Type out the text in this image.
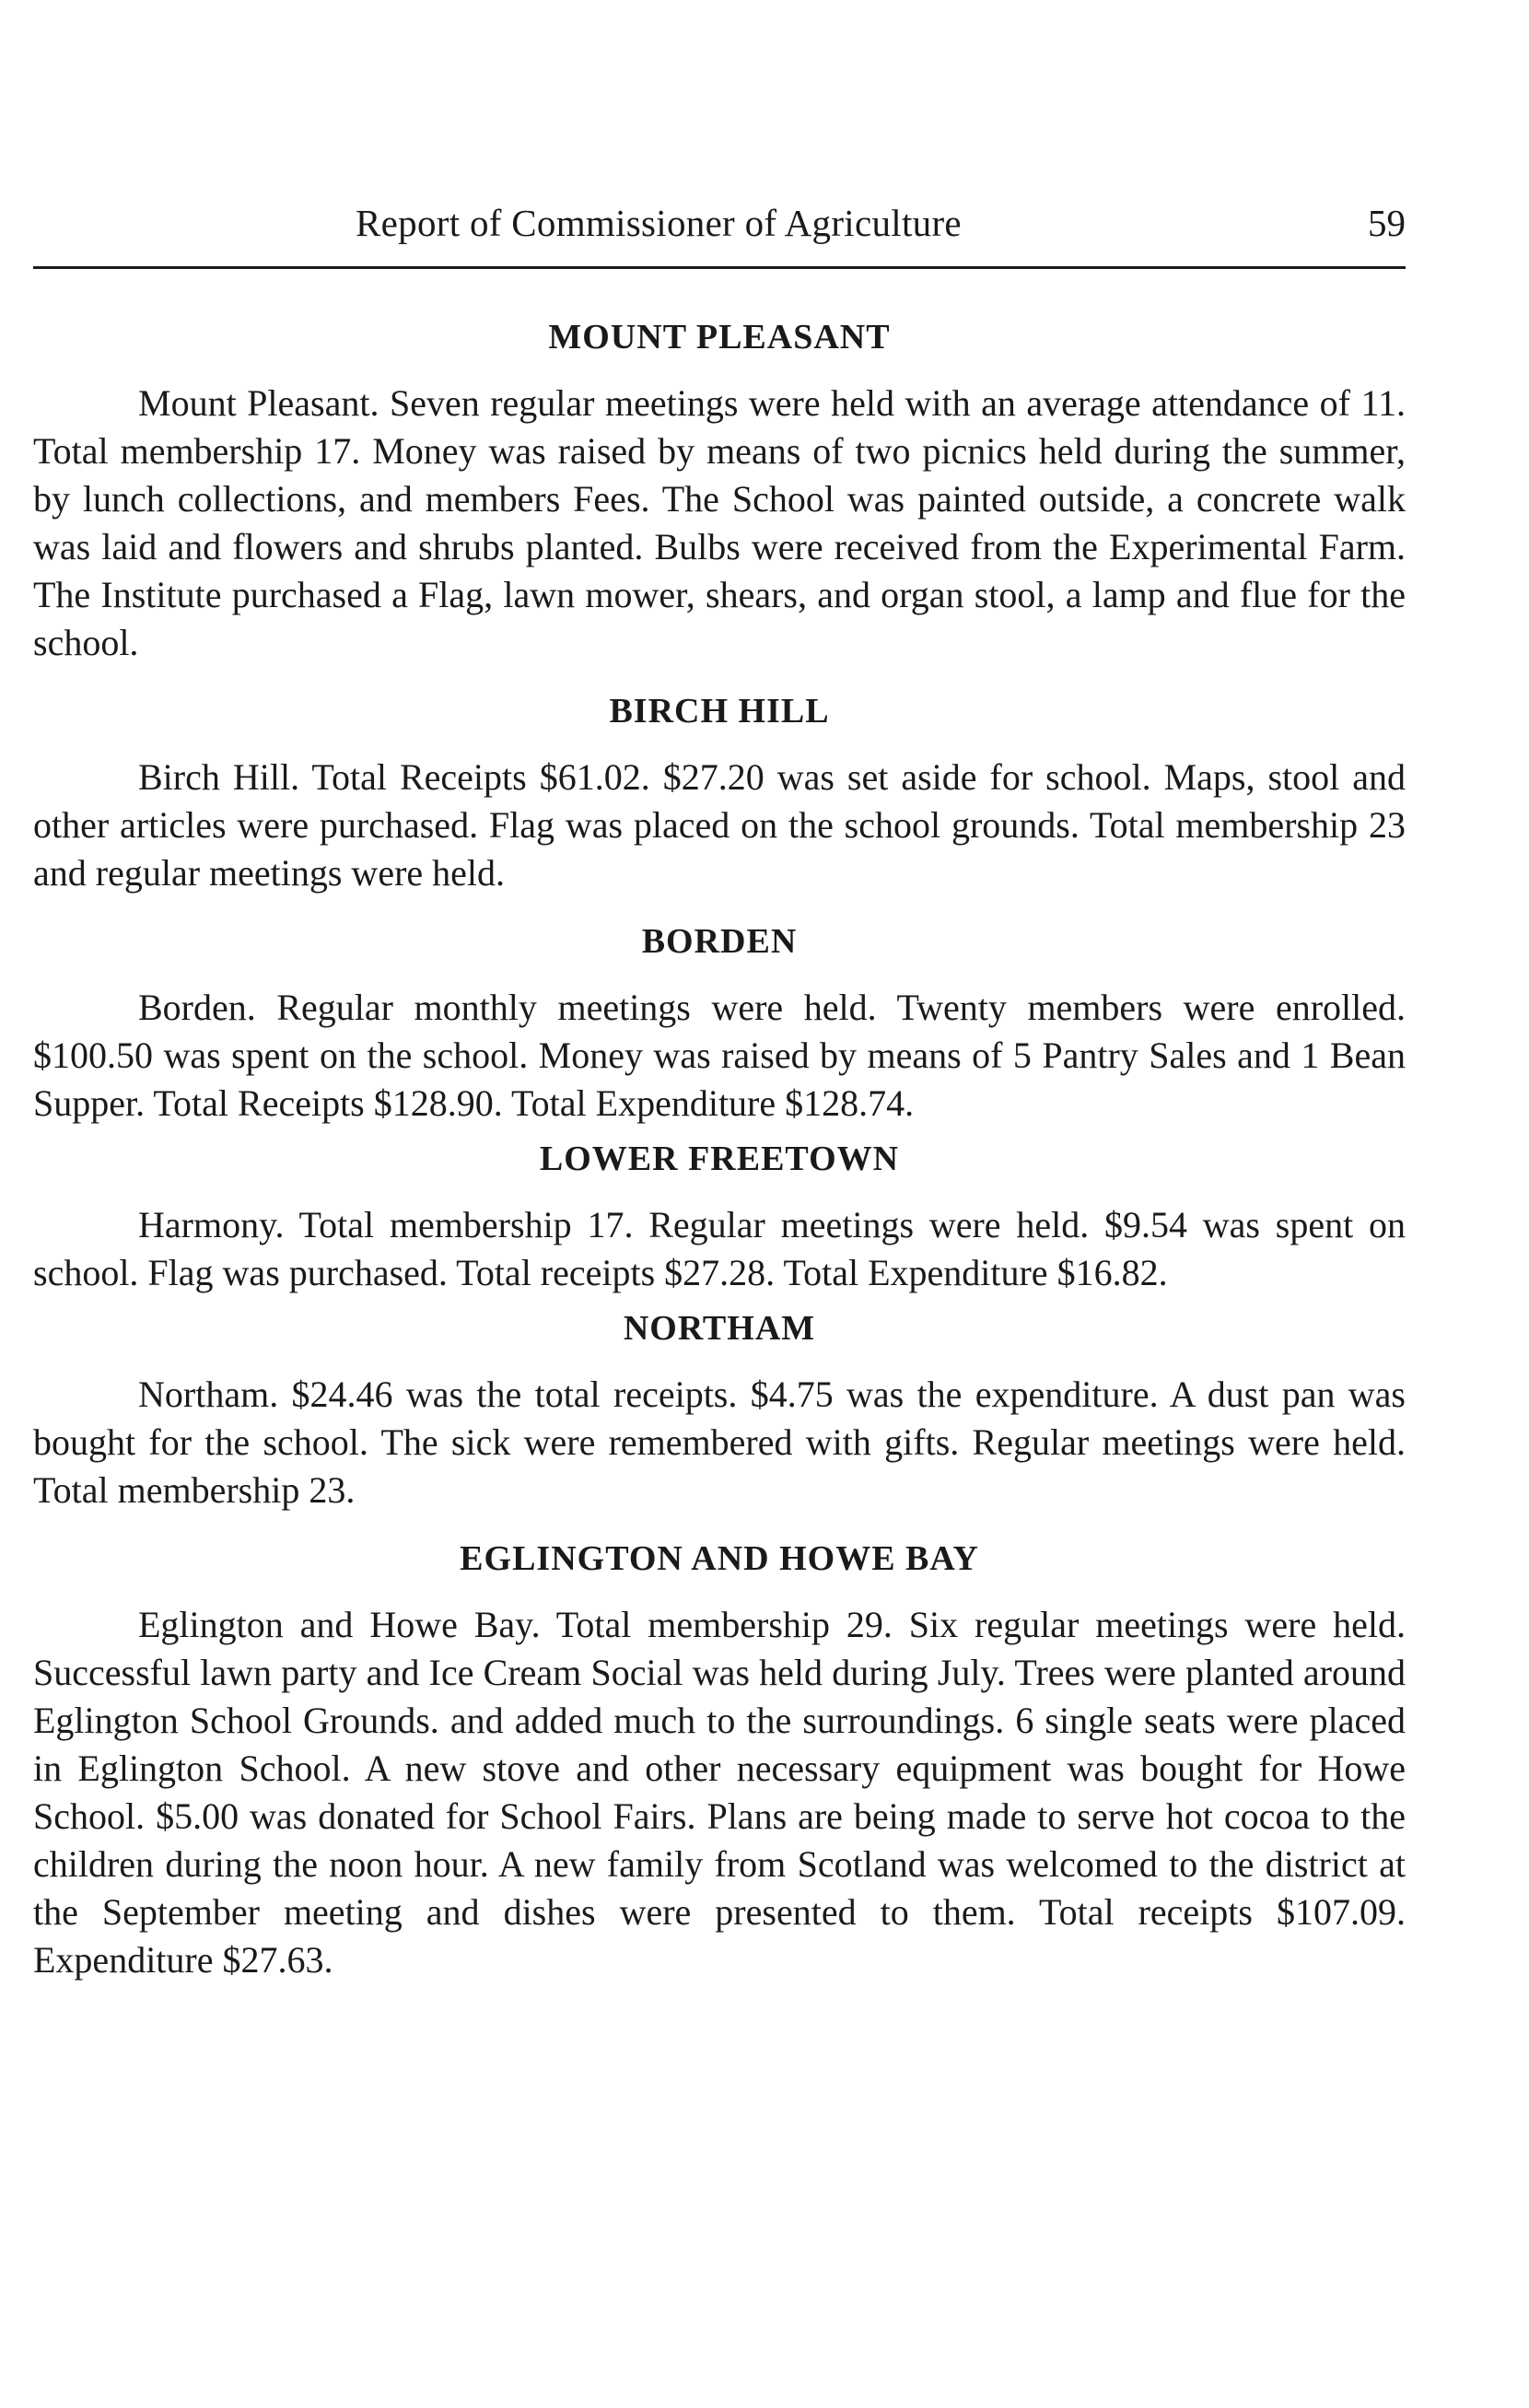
Report of Commissioner of Agriculture	59
MOUNT PLEASANT

Mount Pleasant. Seven regular meetings were held with an average attendance of 11. Total membership 17. Money was raised by means of two picnics held during the summer, by lunch collections, and members Fees. The School was painted outside, a concrete walk was laid and flowers and shrubs planted. Bulbs were received from the Experimental Farm. The Institute purchased a Flag, lawn mower, shears, and organ stool, a lamp and flue for the school.

BIRCH HILL

Birch Hill. Total Receipts $61.02. $27.20 was set aside for school. Maps, stool and other articles were purchased. Flag was placed on the school grounds. Total membership 23 and regular meetings were held.

BORDEN

Borden. Regular monthly meetings were held. Twenty members were enrolled. $100.50 was spent on the school. Money was raised by means of 5 Pantry Sales and 1 Bean Supper. Total Receipts $128.90. Total Expenditure $128.74.

LOWER FREETOWN

Harmony. Total membership 17. Regular meetings were held. $9.54 was spent on school. Flag was purchased. Total receipts $27.28. Total Expenditure $16.82.

NORTHAM

Northam. $24.46 was the total receipts. $4.75 was the expenditure. A dust pan was bought for the school. The sick were remembered with gifts. Regular meetings were held. Total membership 23.

EGLINGTON AND HOWE BAY

Eglington and Howe Bay. Total membership 29. Six regular meetings were held. Successful lawn party and Ice Cream Social was held during July. Trees were planted around Eglington School Grounds. and added much to the surroundings. 6 single seats were placed in Eglington School. A new stove and other necessary equipment was bought for Howe School. $5.00 was donated for School Fairs. Plans are being made to serve hot cocoa to the children during the noon hour. A new family from Scotland was welcomed to the district at the September meeting and dishes were presented to them. Total receipts $107.09. Expenditure $27.63.
